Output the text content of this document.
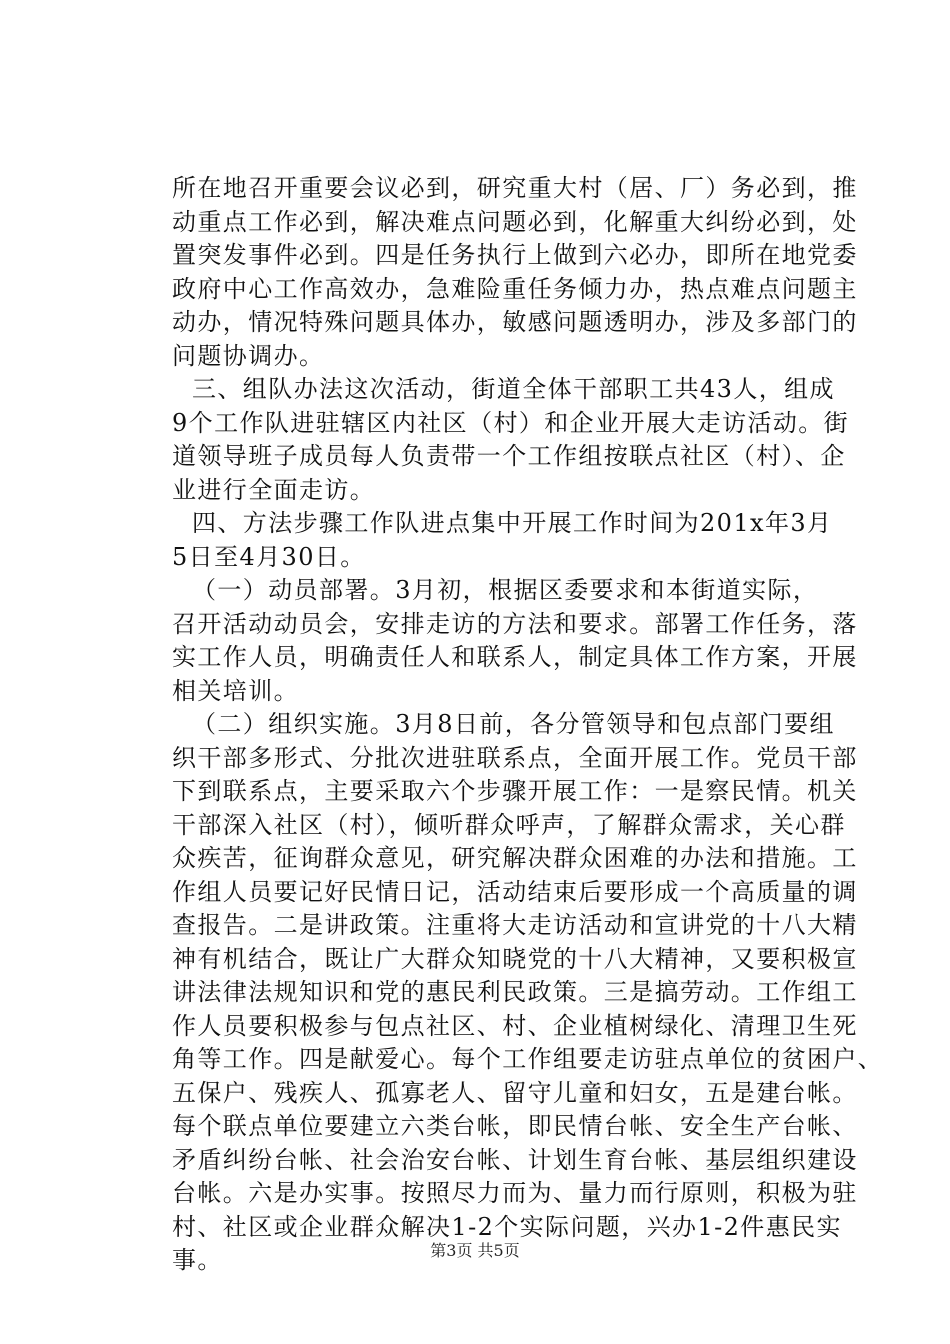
所在地召开重要会议必到，研究重大村（居、厂）务必到，推
动重点工作必到，解决难点问题必到，化解重大纠纷必到，处
置突发事件必到。四是任务执行上做到六必办，即所在地党委
政府中心工作高效办，急难险重任务倾力办，热点难点问题主
动办，情况特殊问题具体办，敏感问题透明办，涉及多部门的
问题协调办。
三、组队办法这次活动，街道全体干部职工共43人，组成
9个工作队进驻辖区内社区（村）和企业开展大走访活动。街
道领导班子成员每人负责带一个工作组按联点社区（村）、企
业进行全面走访。
四、方法步骤工作队进点集中开展工作时间为201x年3月
5日至4月30日。
（一）动员部署。3月初，根据区委要求和本街道实际，
召开活动动员会，安排走访的方法和要求。部署工作任务，落
实工作人员，明确责任人和联系人，制定具体工作方案，开展
相关培训。
（二）组织实施。3月8日前，各分管领导和包点部门要组
织干部多形式、分批次进驻联系点，全面开展工作。党员干部
下到联系点，主要采取六个步骤开展工作：一是察民情。机关
干部深入社区（村），倾听群众呼声，了解群众需求，关心群
众疾苦，征询群众意见，研究解决群众困难的办法和措施。工
作组人员要记好民情日记，活动结束后要形成一个高质量的调
查报告。二是讲政策。注重将大走访活动和宣讲党的十八大精
神有机结合，既让广大群众知晓党的十八大精神，又要积极宣
讲法律法规知识和党的惠民利民政策。三是搞劳动。工作组工
作人员要积极参与包点社区、村、企业植树绿化、清理卫生死
角等工作。四是献爱心。每个工作组要走访驻点单位的贫困户、
五保户、残疾人、孤寡老人、留守儿童和妇女，五是建台帐。
每个联点单位要建立六类台帐，即民情台帐、安全生产台帐、
矛盾纠纷台帐、社会治安台帐、计划生育台帐、基层组织建设
台帐。六是办实事。按照尽力而为、量力而行原则，积极为驻
村、社区或企业群众解决1-2个实际问题，兴办1-2件惠民实
事。	第3页 共5页
